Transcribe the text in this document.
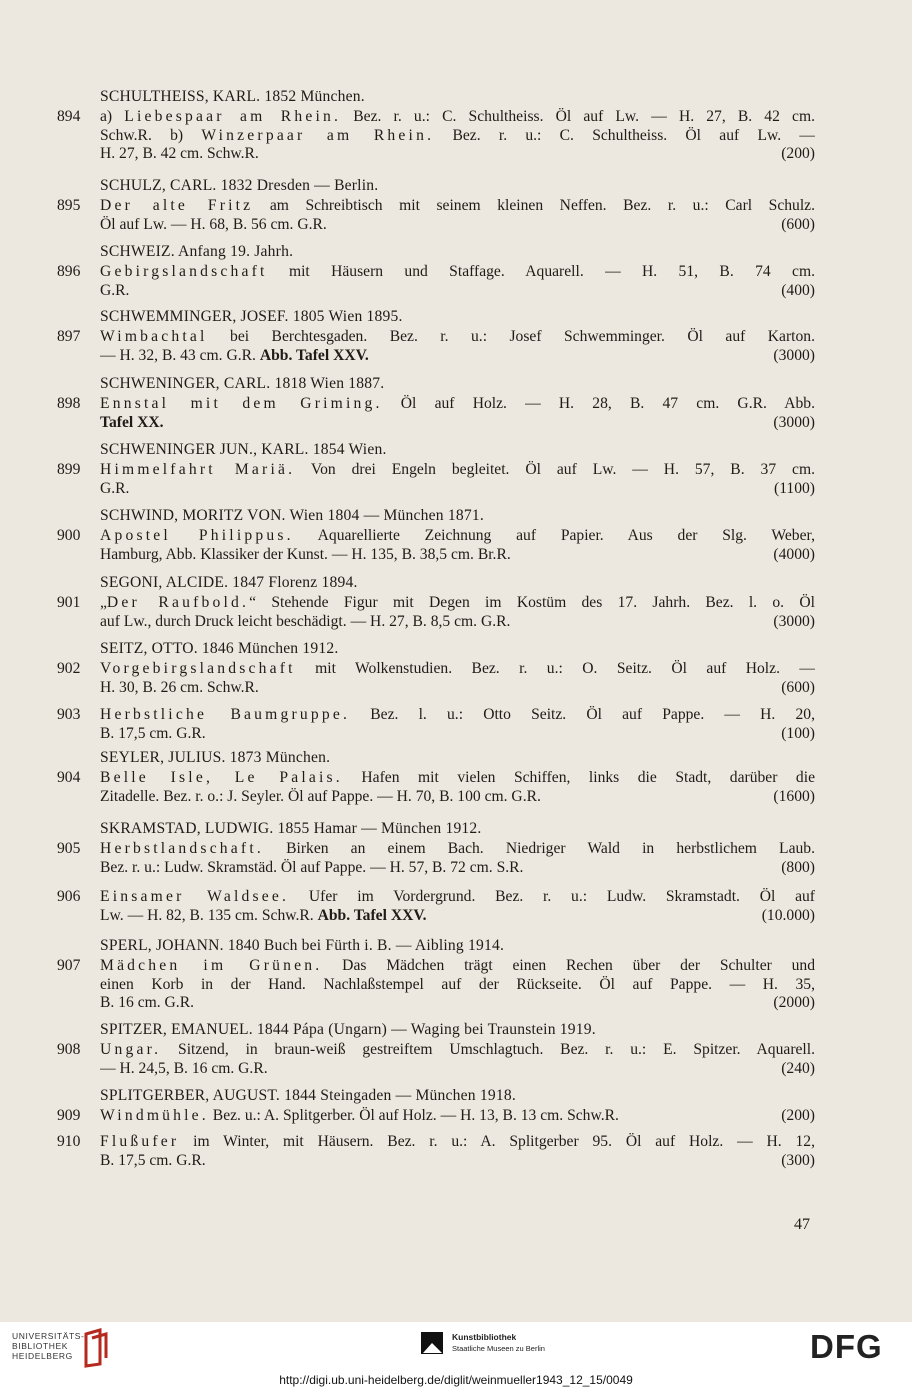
SCHULTHEISS, KARL. 1852 München.
894 a) Liebespaar am Rhein. Bez. r. u.: C. Schultheiss. Öl auf Lw. — H. 27, B. 42 cm.
Schw.R. b) Winzerpaar am Rhein. Bez. r. u.: C. Schultheiss. Öl auf Lw. —
H. 27, B. 42 cm. Schw.R.	(200)
SCHULZ, CARL. 1832 Dresden — Berlin.
895 Der alte Fritz am Schreibtisch mit seinem kleinen Neffen. Bez. r. u.: Carl Schulz.
Öl auf Lw. — H. 68, B. 56 cm. G.R.	(600)
SCHWEIZ. Anfang 19. Jahrh.
896 Gebirgslandschaft mit Häusern und Staffage. Aquarell. — H. 51, B. 74 cm.
G.R.	(400)
SCHWEMMINGER, JOSEF. 1805 Wien 1895.
897 Wimbachtal bei Berchtesgaden. Bez. r. u.: Josef Schwemminger. Öl auf Karton.
— H. 32, B. 43 cm. G.R. Abb. Tafel XXV.	(3000)
SCHWENINGER, CARL. 1818 Wien 1887.
898 Ennstal mit dem Griming. Öl auf Holz. — H. 28, B. 47 cm. G.R. Abb.
Tafel XX.	(3000)
SCHWENINGER JUN., KARL. 1854 Wien.
899 Himmelfahrt Mariä. Von drei Engeln begleitet. Öl auf Lw. — H. 57, B. 37 cm.
G.R.	(1100)
SCHWIND, MORITZ VON. Wien 1804 — München 1871.
900 Apostel Philippus. Aquarellierte Zeichnung auf Papier. Aus der Slg. Weber,
Hamburg, Abb. Klassiker der Kunst. — H. 135, B. 38,5 cm. Br.R.	(4000)
SEGONI, ALCIDE. 1847 Florenz 1894.
901 „Der Raufbold.“ Stehende Figur mit Degen im Kostüm des 17. Jahrh. Bez. l. o. Öl
auf Lw., durch Druck leicht beschädigt. — H. 27, B. 8,5 cm. G.R.	(3000)
SEITZ, OTTO. 1846 München 1912.
902 Vorgebirgslandschaft mit Wolkenstudien. Bez. r. u.: O. Seitz. Öl auf Holz. —
H. 30, B. 26 cm. Schw.R.	(600)
903 Herbstliche Baumgruppe. Bez. l. u.: Otto Seitz. Öl auf Pappe. — H. 20,
B. 17,5 cm. G.R.	(100)
SEYLER, JULIUS. 1873 München.
904 Belle Isle, Le Palais. Hafen mit vielen Schiffen, links die Stadt, darüber die
Zitadelle. Bez. r. o.: J. Seyler. Öl auf Pappe. — H. 70, B. 100 cm. G.R.	(1600)
SKRAMSTAD, LUDWIG. 1855 Hamar — München 1912.
905 Herbstlandschaft. Birken an einem Bach. Niedriger Wald in herbstlichem Laub.
Bez. r. u.: Ludw. Skramstäd. Öl auf Pappe. — H. 57, B. 72 cm. S.R.	(800)
906 Einsamer Waldsee. Ufer im Vordergrund. Bez. r. u.: Ludw. Skramstadt. Öl auf
Lw. — H. 82, B. 135 cm. Schw.R. Abb. Tafel XXV.	(10.000)
SPERL, JOHANN. 1840 Buch bei Fürth i. B. — Aibling 1914.
907 Mädchen im Grünen. Das Mädchen trägt einen Rechen über der Schulter und
einen Korb in der Hand. Nachlaßstempel auf der Rückseite. Öl auf Pappe. — H. 35,
B. 16 cm. G.R.	(2000)
SPITZER, EMANUEL. 1844 Pápa (Ungarn) — Waging bei Traunstein 1919.
908 Ungar. Sitzend, in braun-weiß gestreiftem Umschlagtuch. Bez. r. u.: E. Spitzer. Aquarell.
— H. 24,5, B. 16 cm. G.R.	(240)
SPLITGERBER, AUGUST. 1844 Steingaden — München 1918.
909 Windmühle. Bez. u.: A. Splitgerber. Öl auf Holz. — H. 13, B. 13 cm. Schw.R.	(200)
910 Flußufer im Winter, mit Häusern. Bez. r. u.: A. Splitgerber 95. Öl auf Holz. — H. 12,
B. 17,5 cm. G.R.	(300)
47
UNIVERSITÄTS-
BIBLIOTHEK
HEIDELBERG
Kunstbibliothek
Staatliche Museen zu Berlin	DFG
http://digi.ub.uni-heidelberg.de/diglit/weinmueller1943_12_15/0049
